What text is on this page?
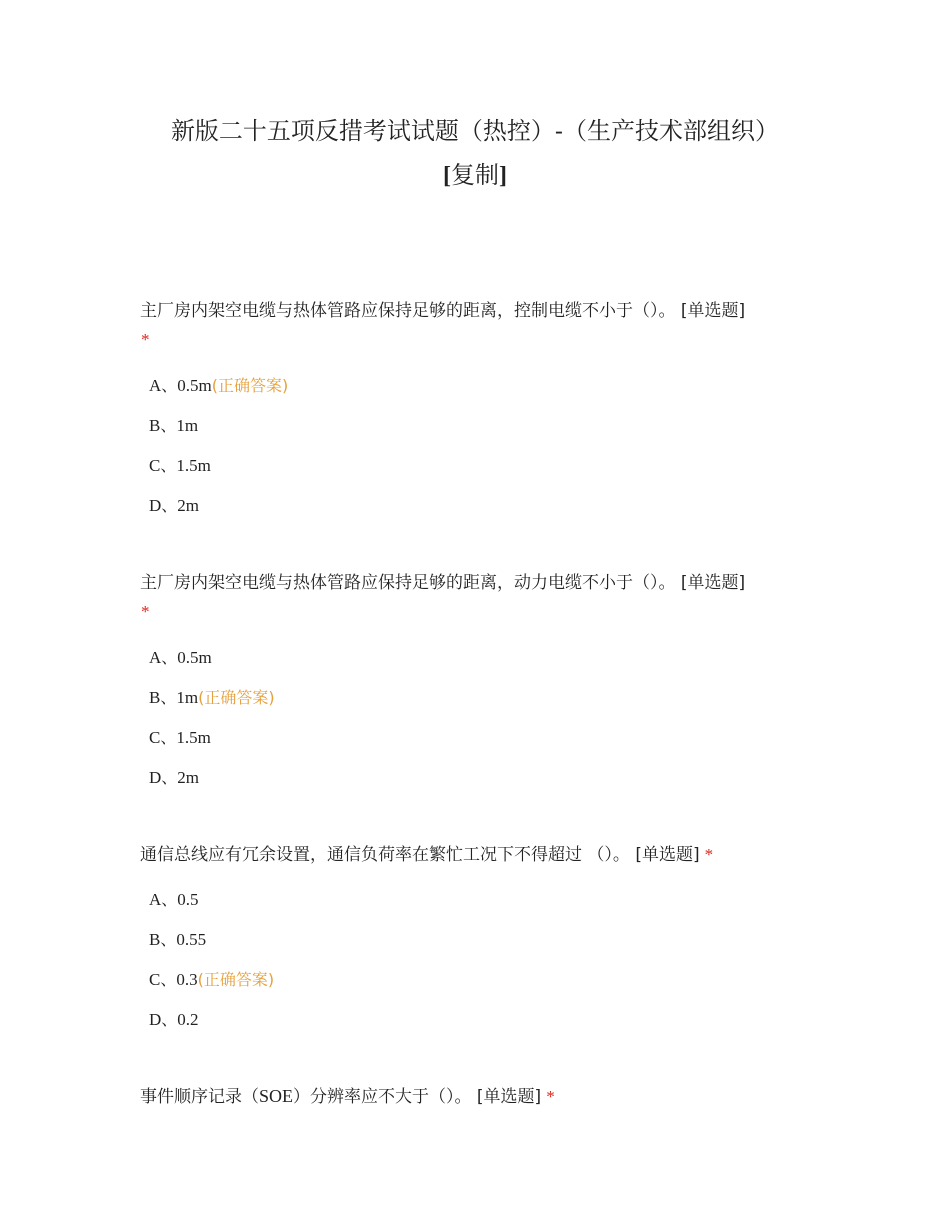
新版二十五项反措考试试题（热控）-（生产技术部组织）
[复制]
主厂房内架空电缆与热体管路应保持足够的距离，控制电缆不小于（）。 [单选题]
*
A、0.5m(正确答案)
B、1m
C、1.5m
D、2m
主厂房内架空电缆与热体管路应保持足够的距离，动力电缆不小于（）。 [单选题]
*
A、0.5m
B、1m(正确答案)
C、1.5m
D、2m
通信总线应有冗余设置，通信负荷率在繁忙工况下不得超过 （）。 [单选题] *
A、0.5
B、0.55
C、0.3(正确答案)
D、0.2
事件顺序记录（SOE）分辨率应不大于（）。 [单选题] *
